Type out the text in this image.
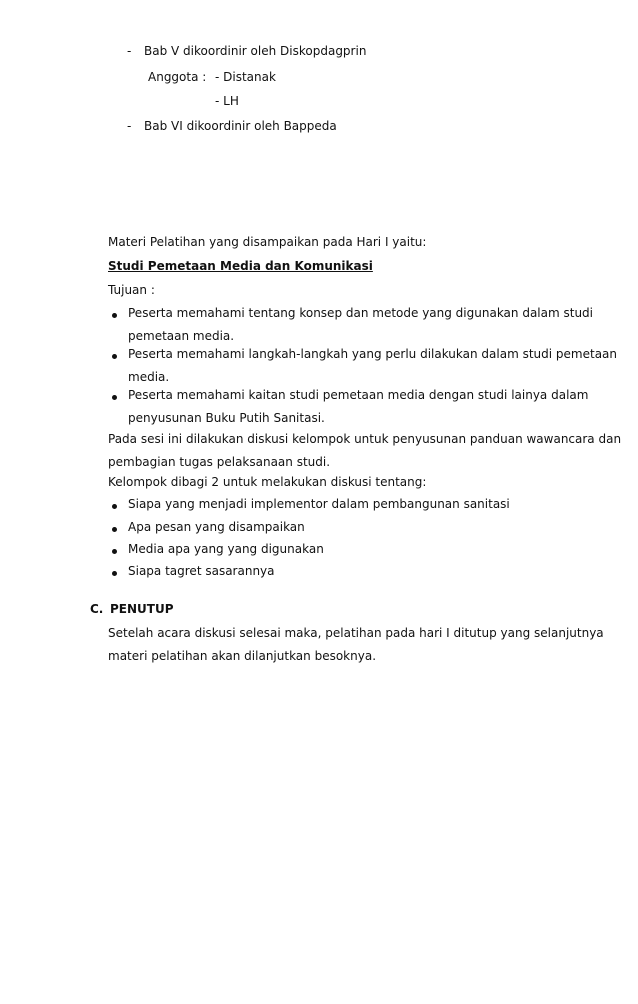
- Bab V dikoordinir oleh Diskopdagprin
Anggota : - Distanak
- LH
- Bab VI dikoordinir oleh Bappeda
Materi Pelatihan yang disampaikan pada Hari I yaitu:
Studi Pemetaan Media dan Komunikasi
Tujuan :
Peserta memahami tentang konsep dan metode yang digunakan dalam studi
pemetaan media.
Peserta memahami langkah-langkah yang perlu dilakukan dalam studi pemetaan
media.
Peserta memahami kaitan studi pemetaan media dengan studi lainya dalam
penyusunan Buku Putih Sanitasi.
Pada sesi ini dilakukan diskusi kelompok untuk penyusunan panduan wawancara dan
pembagian tugas pelaksanaan studi.
Kelompok dibagi 2 untuk melakukan diskusi tentang:
Siapa yang menjadi implementor dalam pembangunan sanitasi
Apa pesan yang disampaikan
Media apa yang yang digunakan
Siapa tagret sasarannya
C. PENUTUP
Setelah acara diskusi selesai maka, pelatihan pada hari I ditutup yang selanjutnya
materi pelatihan akan dilanjutkan besoknya.
